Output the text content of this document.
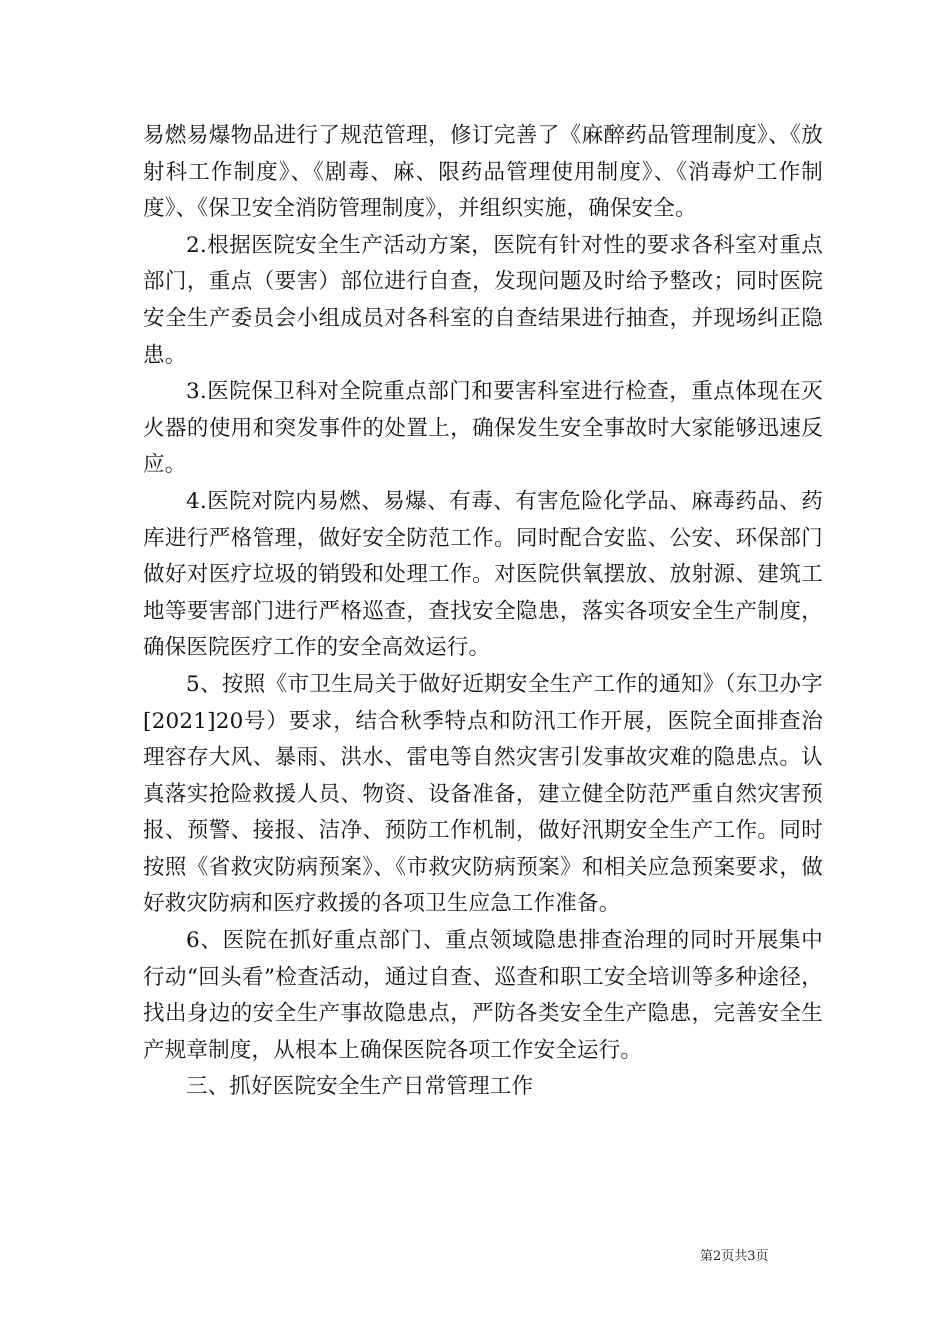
易燃易爆物品进行了规范管理，修订完善了《麻醉药品管理制度》、《放射科工作制度》、《剧毒、麻、限药品管理使用制度》、《消毒炉工作制度》、《保卫安全消防管理制度》，并组织实施，确保安全。

2.根据医院安全生产活动方案，医院有针对性的要求各科室对重点部门，重点（要害）部位进行自查，发现问题及时给予整改；同时医院安全生产委员会小组成员对各科室的自查结果进行抽查，并现场纠正隐患。

3.医院保卫科对全院重点部门和要害科室进行检查，重点体现在灭火器的使用和突发事件的处置上，确保发生安全事故时大家能够迅速反应。

4.医院对院内易燃、易爆、有毒、有害危险化学品、麻毒药品、药库进行严格管理，做好安全防范工作。同时配合安监、公安、环保部门做好对医疗垃圾的销毁和处理工作。对医院供氧摆放、放射源、建筑工地等要害部门进行严格巡查，查找安全隐患，落实各项安全生产制度，确保医院医疗工作的安全高效运行。

5、按照《市卫生局关于做好近期安全生产工作的通知》（东卫办字[2021]20号）要求，结合秋季特点和防汛工作开展，医院全面排查治理容存大风、暴雨、洪水、雷电等自然灾害引发事故灾难的隐患点。认真落实抢险救援人员、物资、设备准备，建立健全防范严重自然灾害预报、预警、接报、洁净、预防工作机制，做好汛期安全生产工作。同时按照《省救灾防病预案》、《市救灾防病预案》和相关应急预案要求，做好救灾防病和医疗救援的各项卫生应急工作准备。

6、医院在抓好重点部门、重点领域隐患排查治理的同时开展集中行动“回头看”检查活动，通过自查、巡查和职工安全培训等多种途径，找出身边的安全生产事故隐患点，严防各类安全生产隐患，完善安全生产规章制度，从根本上确保医院各项工作安全运行。

三、抓好医院安全生产日常管理工作

第2页共3页
